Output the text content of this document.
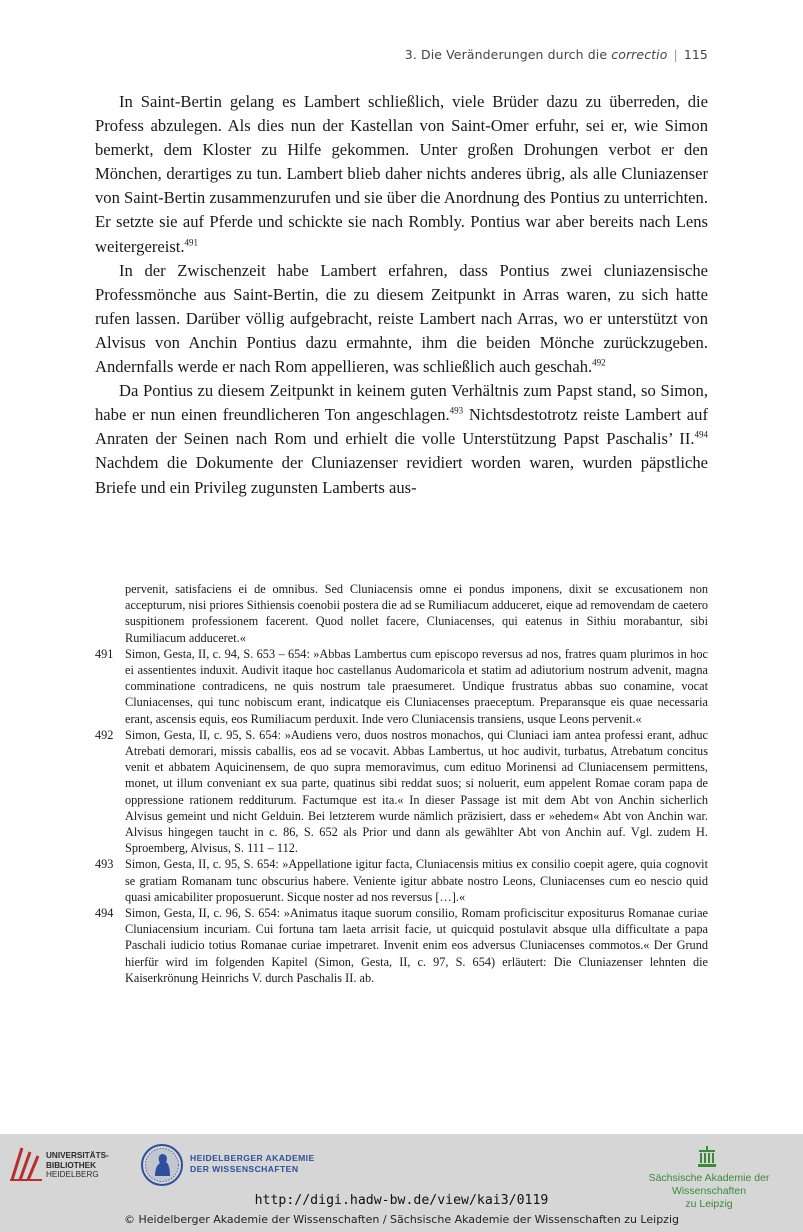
3. Die Veränderungen durch die correctio | 115

In Saint-Bertin gelang es Lambert schließlich, viele Brüder dazu zu überreden, die Profess abzulegen. Als dies nun der Kastellan von Saint-Omer erfuhr, sei er, wie Simon bemerkt, dem Kloster zu Hilfe gekommen. Unter großen Drohungen verbot er den Mönchen, derartiges zu tun. Lambert blieb daher nichts anderes übrig, als alle Cluniazenser von Saint-Bertin zusammenzurufen und sie über die Anordnung des Pontius zu unterrichten. Er setzte sie auf Pferde und schickte sie nach Rombly. Pontius war aber bereits nach Lens weitergereist.$^{491}$

In der Zwischenzeit habe Lambert erfahren, dass Pontius zwei cluniazensische Professmönche aus Saint-Bertin, die zu diesem Zeitpunkt in Arras waren, zu sich hatte rufen lassen. Darüber völlig aufgebracht, reiste Lambert nach Arras, wo er unterstützt von Alvisus von Anchin Pontius dazu ermahnte, ihm die beiden Mönche zurückzugeben. Andernfalls werde er nach Rom appellieren, was schließlich auch geschah.$^{492}$

Da Pontius zu diesem Zeitpunkt in keinem guten Verhältnis zum Papst stand, so Simon, habe er nun einen freundlicheren Ton angeschlagen.$^{493}$ Nichtsdestotrotz reiste Lambert auf Anraten der Seinen nach Rom und erhielt die volle Unterstützung Papst Paschalis’ II.$^{494}$ Nachdem die Dokumente der Cluniazenser revidiert worden waren, wurden päpstliche Briefe und ein Privileg zugunsten Lamberts aus-

pervenit, satisfaciens ei de omnibus. Sed Cluniacensis omne ei pondus imponens, dixit se excusationem non accepturum, nisi priores Sithiensis coenobii postera die ad se Rumiliacum adduceret, eique ad removendam de caetero suspitionem professionem facerent. Quod nollet facere, Cluniacenses, qui eatenus in Sithiu morabantur, sibi Rumiliacum adduceret.«
491 Simon, Gesta, II, c. 94, S. 653 – 654: »Abbas Lambertus cum episcopo reversus ad nos, fratres quam plurimos in hoc ei assentientes induxit. Audivit itaque hoc castellanus Audomaricola et statim ad adiutorium nostrum advenit, magna comminatione contradicens, ne quis nostrum tale praesumeret. Undique frustratus abbas suo conamine, vocat Cluniacenses, qui tunc nobiscum erant, indicatque eis Cluniacenses praeceptum. Preparansque eis quae necessaria erant, ascensis equis, eos Rumiliacum perduxit. Inde vero Cluniacensis transiens, usque Leons pervenit.«
492 Simon, Gesta, II, c. 95, S. 654: »Audiens vero, duos nostros monachos, qui Cluniaci iam antea professi erant, adhuc Atrebati demorari, missis caballis, eos ad se vocavit. Abbas Lambertus, ut hoc audivit, turbatus, Atrebatum concitus venit et abbatem Aquicinensem, de quo supra memoravimus, cum edituo Morinensi ad Cluniacensem permittens, monet, ut illum conveniant ex sua parte, quatinus sibi reddat suos; si noluerit, eum appelent Romae coram papa de oppressione rationem redditurum. Factumque est ita.« In dieser Passage ist mit dem Abt von Anchin sicherlich Alvisus gemeint und nicht Gelduin. Bei letzterem wurde nämlich präzisiert, dass er »ehedem« Abt von Anchin war. Alvisus hingegen taucht in c. 86, S. 652 als Prior und dann als gewählter Abt von Anchin auf. Vgl. zudem H. Sproemberg, Alvisus, S. 111 – 112.
493 Simon, Gesta, II, c. 95, S. 654: »Appellatione igitur facta, Cluniacensis mitius ex consilio coepit agere, quia cognovit se gratiam Romanam tunc obscurius habere. Veniente igitur abbate nostro Leons, Cluniacenses cum eo nescio quid quasi amicabiliter proposuerunt. Sicque noster ad nos reversus […].«
494 Simon, Gesta, II, c. 96, S. 654: »Animatus itaque suorum consilio, Romam proficiscitur expositurus Romanae curiae Cluniacensium incuriam. Cui fortuna tam laeta arrisit facie, ut quicquid postulavit absque ulla difficultate a papa Paschali iudicio totius Romanae curiae impetraret. Invenit enim eos adversus Cluniacenses commotos.« Der Grund hierfür wird im folgenden Kapitel (Simon, Gesta, II, c. 97, S. 654) erläutert: Die Cluniazenser lehnten die Kaiserkrönung Heinrichs V. durch Paschalis II. ab.
UNIVERSITÄTS-
BIBLIOTHEK
HEIDELBERG
HEIDELBERGER AKADEMIE
DER WISSENSCHAFTEN
Sächsische Akademie der Wissenschaften
zu Leipzig
http://digi.hadw-bw.de/view/kai3/0119
© Heidelberger Akademie der Wissenschaften / Sächsische Akademie der Wissenschaften zu Leipzig
